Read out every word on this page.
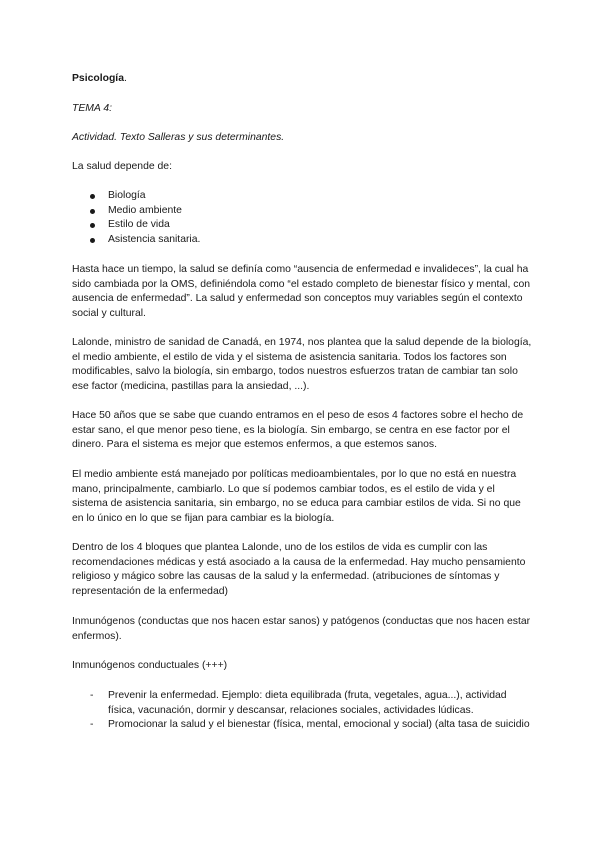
Psicología.

TEMA 4:

Actividad. Texto Salleras y sus determinantes.

La salud depende de:

Biología
Medio ambiente
Estilo de vida
Asistencia sanitaria.

Hasta hace un tiempo, la salud se definía como “ausencia de enfermedad e invalideces”, la cual ha sido cambiada por la OMS, definiéndola como “el estado completo de bienestar físico y mental, con ausencia de enfermedad”. La salud y enfermedad son conceptos muy variables según el contexto social y cultural.

Lalonde, ministro de sanidad de Canadá, en 1974, nos plantea que la salud depende de la biología, el medio ambiente, el estilo de vida y el sistema de asistencia sanitaria. Todos los factores son modificables, salvo la biología, sin embargo, todos nuestros esfuerzos tratan de cambiar tan solo ese factor (medicina, pastillas para la ansiedad, ...).

Hace 50 años que se sabe que cuando entramos en el peso de esos 4 factores sobre el hecho de estar sano, el que menor peso tiene, es la biología. Sin embargo, se centra en ese factor por el dinero. Para el sistema es mejor que estemos enfermos, a que estemos sanos.

El medio ambiente está manejado por políticas medioambientales, por lo que no está en nuestra mano, principalmente, cambiarlo. Lo que sí podemos cambiar todos, es el estilo de vida y el sistema de asistencia sanitaria, sin embargo, no se educa para cambiar estilos de vida. Si no que en lo único en lo que se fijan para cambiar es la biología.

Dentro de los 4 bloques que plantea Lalonde, uno de los estilos de vida es cumplir con las recomendaciones médicas y está asociado a la causa de la enfermedad. Hay mucho pensamiento religioso y mágico sobre las causas de la salud y la enfermedad. (atribuciones de síntomas y representación de la enfermedad)

Inmunógenos (conductas que nos hacen estar sanos) y patógenos (conductas que nos hacen estar enfermos).

Inmunógenos conductuales (+++)

- Prevenir la enfermedad. Ejemplo: dieta equilibrada (fruta, vegetales, agua...), actividad física, vacunación, dormir y descansar, relaciones sociales, actividades lúdicas.
- Promocionar la salud y el bienestar (física, mental, emocional y social) (alta tasa de suicidio
